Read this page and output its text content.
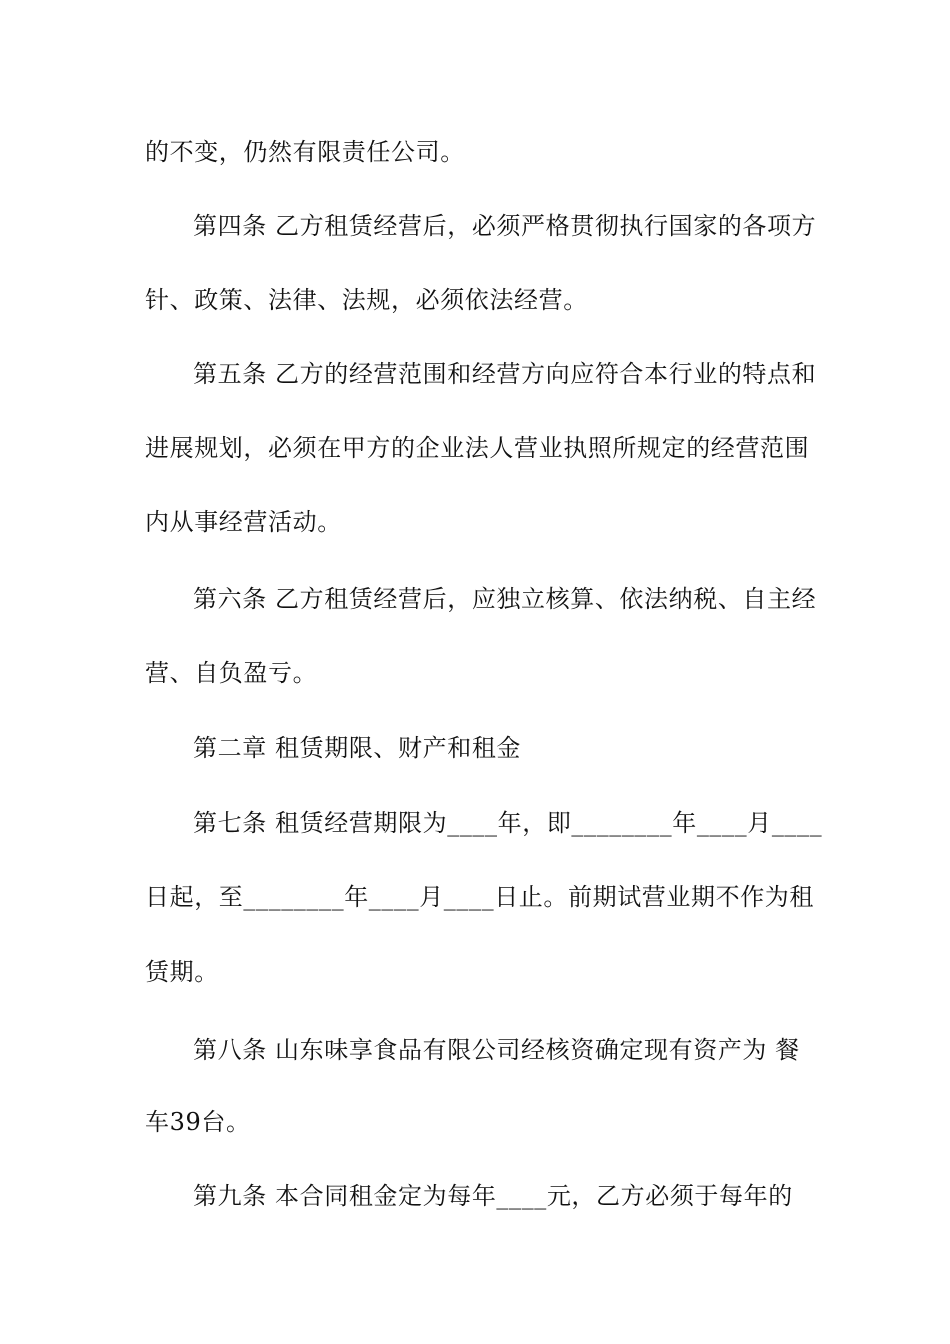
的不变，仍然有限责任公司。
第四条 乙方租赁经营后，必须严格贯彻执行国家的各项方
针、政策、法律、法规，必须依法经营。
第五条 乙方的经营范围和经营方向应符合本行业的特点和
进展规划，必须在甲方的企业法人营业执照所规定的经营范围
内从事经营活动。
第六条 乙方租赁经营后，应独立核算、依法纳税、自主经
营、自负盈亏。
第二章 租赁期限、财产和租金
第七条 租赁经营期限为____年，即________年____月____
日起，至________年____月____日止。前期试营业期不作为租
赁期。
第八条 山东味享食品有限公司经核资确定现有资产为 餐
车39台。
第九条 本合同租金定为每年____元，乙方必须于每年的
